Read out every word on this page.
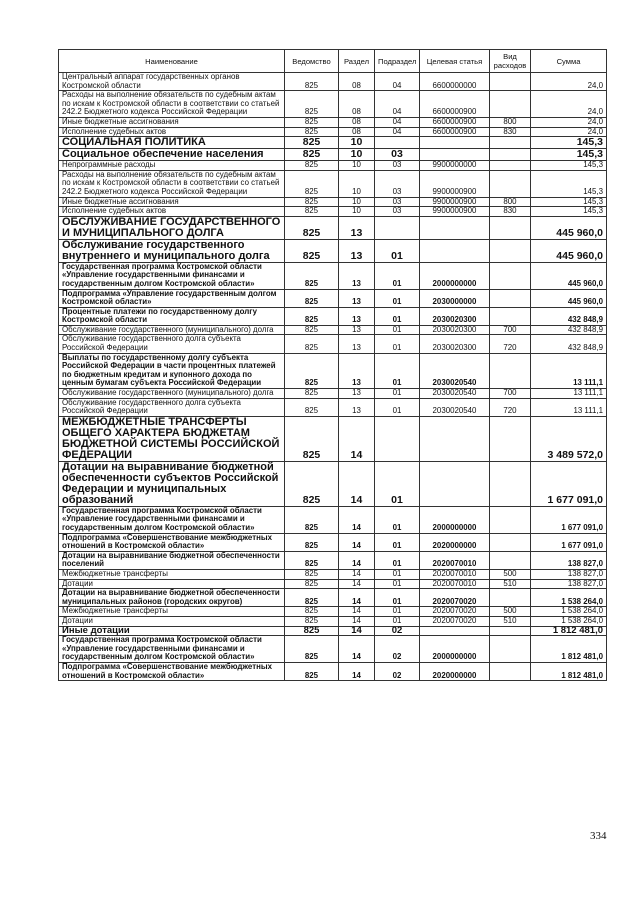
Наименование	Ведомство	Раздел	Подраздел	Целевая статья	Вид расходов	Сумма
Центральный аппарат государственных органов Костромской области	825	08	04	6600000000		24,0
Расходы на выполнение обязательств по судебным актам по искам к Костромской области в соответствии со статьей 242.2 Бюджетного кодекса Российской Федерации	825	08	04	6600000900		24,0
Иные бюджетные ассигнования	825	08	04	6600000900	800	24,0
Исполнение судебных актов	825	08	04	6600000900	830	24,0
СОЦИАЛЬНАЯ ПОЛИТИКА	825	10				145,3
Социальное обеспечение населения	825	10	03			145,3
Непрограммные расходы	825	10	03	9900000000		145,3
Расходы на выполнение обязательств по судебным актам по искам к Костромской области в соответствии со статьей 242.2 Бюджетного кодекса Российской Федерации	825	10	03	9900000900		145,3
Иные бюджетные ассигнования	825	10	03	9900000900	800	145,3
Исполнение судебных актов	825	10	03	9900000900	830	145,3
ОБСЛУЖИВАНИЕ ГОСУДАРСТВЕННОГО И МУНИЦИПАЛЬНОГО ДОЛГА	825	13				445 960,0
Обслуживание государственного внутреннего и муниципального долга	825	13	01			445 960,0
Государственная программа Костромской области «Управление государственными финансами и государственным долгом Костромской области»	825	13	01	2000000000		445 960,0
Подпрограмма «Управление государственным долгом Костромской области»	825	13	01	2030000000		445 960,0
Процентные платежи по государственному долгу Костромской области	825	13	01	2030020300		432 848,9
Обслуживание государственного (муниципального) долга	825	13	01	2030020300	700	432 848,9
Обслуживание государственного долга субъекта Российской Федерации	825	13	01	2030020300	720	432 848,9
Выплаты по государственному долгу субъекта Российской Федерации в части процентных платежей по бюджетным кредитам и купонного дохода по ценным бумагам субъекта Российской Федерации	825	13	01	2030020540		13 111,1
Обслуживание государственного (муниципального) долга	825	13	01	2030020540	700	13 111,1
Обслуживание государственного долга субъекта Российской Федерации	825	13	01	2030020540	720	13 111,1
МЕЖБЮДЖЕТНЫЕ ТРАНСФЕРТЫ ОБЩЕГО ХАРАКТЕРА БЮДЖЕТАМ БЮДЖЕТНОЙ СИСТЕМЫ РОССИЙСКОЙ ФЕДЕРАЦИИ	825	14				3 489 572,0
Дотации на выравнивание бюджетной обеспеченности субъектов Российской Федерации и муниципальных образований	825	14	01			1 677 091,0
Государственная программа Костромской области «Управление государственными финансами и государственным долгом Костромской области»	825	14	01	2000000000		1 677 091,0
Подпрограмма «Совершенствование межбюджетных отношений в Костромской области»	825	14	01	2020000000		1 677 091,0
Дотации на выравнивание бюджетной обеспеченности поселений	825	14	01	2020070010		138 827,0
Межбюджетные трансферты	825	14	01	2020070010	500	138 827,0
Дотации	825	14	01	2020070010	510	138 827,0
Дотации на выравнивание бюджетной обеспеченности муниципальных районов (городских округов)	825	14	01	2020070020		1 538 264,0
Межбюджетные трансферты	825	14	01	2020070020	500	1 538 264,0
Дотации	825	14	01	2020070020	510	1 538 264,0
Иные дотации	825	14	02			1 812 481,0
Государственная программа Костромской области «Управление государственными финансами и государственным долгом Костромской области»	825	14	02	2000000000		1 812 481,0
Подпрограмма «Совершенствование межбюджетных отношений в Костромской области»	825	14	02	2020000000		1 812 481,0
334
